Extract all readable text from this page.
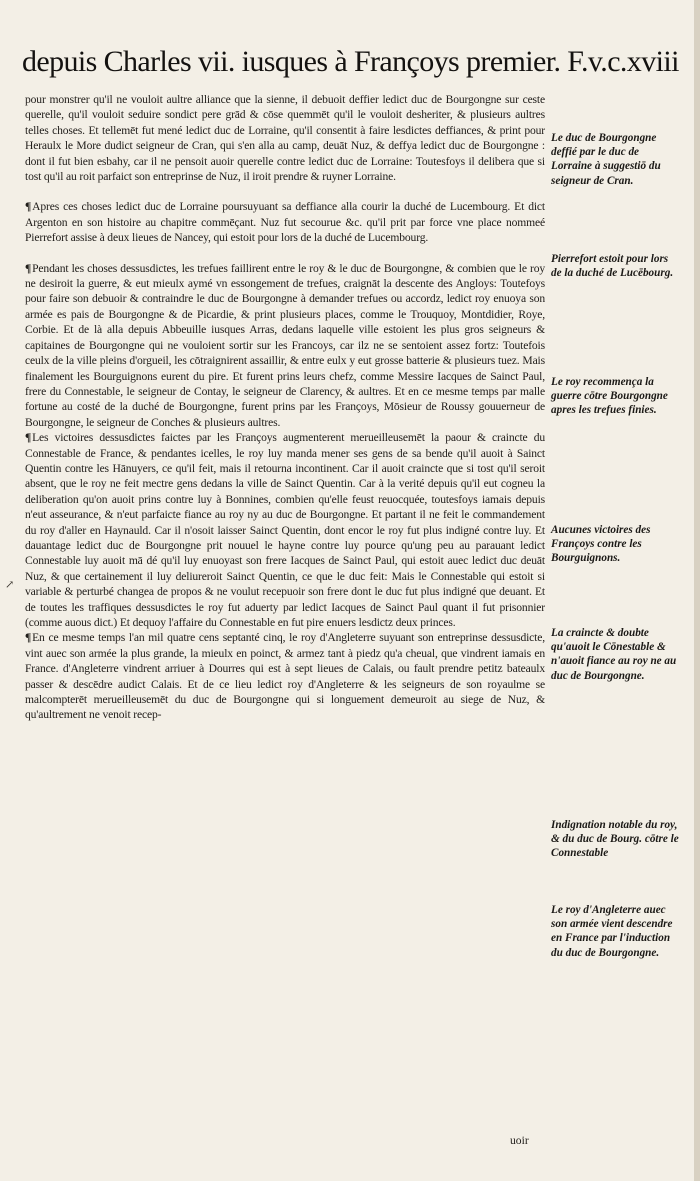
depuis Charles vii. iusques à Françoys premier. F.v.c.xviii

pour monstrer qu'il ne vouloit aultre alliance que la sienne, il debuoit deffier ledict duc de Bourgongne sur ceste querelle, qu'il vouloit seduire sondict pere grād & cōse quemmēt qu'il le vouloit desheriter, & plusieurs aultres telles choses. Et tellemēt fut mené ledict duc de Lorraine, qu'il consentit à faire lesdictes deffiances, & print pour Heraulx le More dudict seigneur de Cran, qui s'en alla au camp, deuāt Nuz, & deffya ledict duc de Bourgongne : dont il fut bien esbahy, car il ne pensoit auoir querelle contre ledict duc de Lorraine: Toutesfoys il delibera que si tost qu'il au roit parfaict son entreprinse de Nuz, il iroit prendre & ruyner Lorraine.

¶Apres ces choses ledict duc de Lorraine poursuyuant sa deffiance alla courir la duché de Lucembourg. Et dict Argenton en son histoire au chapitre commēçant. Nuz fut secourue &c. qu'il prit par force vne place nommeé Pierrefort assise à deux lieues de Nancey, qui estoit pour lors de la duché de Lucembourg.

¶Pendant les choses dessusdictes, les trefues faillirent entre le roy & le duc de Bourgongne, & combien que le roy ne desiroit la guerre, & eut mieulx aymé vn essongement de trefues, craignāt la descente des Angloys: Toutefoys pour faire son debuoir & contraindre le duc de Bourgongne à demander trefues ou accordz, ledict roy enuoya son armée es pais de Bourgongne & de Picardie, & print plusieurs places, comme le Trouquoy, Montdidier, Roye, Corbie. Et de là alla depuis Abbeuille iusques Arras, dedans laquelle ville estoient les plus gros seigneurs & capitaines de Bourgongne qui ne vouloient sortir sur les Francoys, car ilz ne se sentoient assez fortz: Toutefois ceulx de la ville pleins d'orgueil, les cōtraignirent assaillir, & entre eulx y eut grosse batterie & plusieurs tuez. Mais finalement les Bourguignons eurent du pire. Et furent prins leurs chefz, comme Messire Iacques de Sainct Paul, frere du Connestable, le seigneur de Contay, le seigneur de Clarency, & aultres. Et en ce mesme temps par malle fortune au costé de la duché de Bourgongne, furent prins par les Françoys, Mōsieur de Roussy gouuerneur de Bourgongne, le seigneur de Conches & plusieurs aultres.

¶Les victoires dessusdictes faictes par les Françoys augmenterent merueilleusemēt la paour & craincte du Connestable de France, & pendantes icelles, le roy luy manda mener ses gens de sa bende qu'il auoit à Sainct Quentin contre les Hānuyers, ce qu'il feit, mais il retourna incontinent. Car il auoit craincte que si tost qu'il seroit absent, que le roy ne feit mectre gens dedans la ville de Sainct Quentin. Car à la verité depuis qu'il eut cogneu la deliberation qu'on auoit prins contre luy à Bonnines, combien qu'elle feust reuocquée, toutesfoys iamais depuis n'eut asseurance, & n'eut parfaicte fiance au roy ny au duc de Bourgongne. Et partant il ne feit le commandement du roy d'aller en Haynauld. Car il n'osoit laisser Sainct Quentin, dont encor le roy fut plus indigné contre luy. Et dauantage ledict duc de Bourgongne prit nouuel le hayne contre luy pource qu'ung peu au parauant ledict Connestable luy auoit mā dé qu'il luy enuoyast son frere Iacques de Sainct Paul, qui estoit auec ledict duc deuāt Nuz, & que certainement il luy deliureroit Sainct Quentin, ce que le duc feit: Mais le Connestable qui estoit si variable & perturbé changea de propos & ne voulut recepuoir son frere dont le duc fut plus indigné que deuant. Et de toutes les traffiques dessusdictes le roy fut aduerty par ledict Iacques de Sainct Paul quant il fut prisonnier (comme auous dict.) Et dequoy l'affaire du Connestable en fut pire enuers lesdictz deux princes.

¶En ce mesme temps l'an mil quatre cens septanté cinq, le roy d'Angleterre suyuant son entreprinse dessusdicte, vint auec son armée la plus grande, la mieulx en poinct, & armez tant à piedz qu'a cheual, que vindrent iamais en France. d'Angleterre vindrent arriuer à Dourres qui est à sept lieues de Calais, ou fault prendre petitz bateaulx passer & descēdre audict Calais. Et de ce lieu ledict roy d'Angleterre & les seigneurs de son royaulme se malcompterēt merueilleusemēt du duc de Bourgongne qui si longuement demeuroit au siege de Nuz, & qu'aultrement ne venoit recep-

uoir
Le duc de Bourgongne deffié par le duc de Lorraine à suggestiō du seigneur de Cran.
Pierrefort estoit pour lors de la duché de Lucēbourg.
Le roy recommença la guerre cōtre Bourgongne apres les trefues finies.
Aucunes victoires des Françoys contre les Bourguignons.
La craincte & doubte qu'auoit le Cōnestable & n'auoit fiance au roy ne au duc de Bourgongne.
Indignation notable du roy, & du duc de Bourg. cōtre le Connestable
Le roy d'Angleterre auec son armée vient descendre en France par l'induction du duc de Bourgongne.
↗
